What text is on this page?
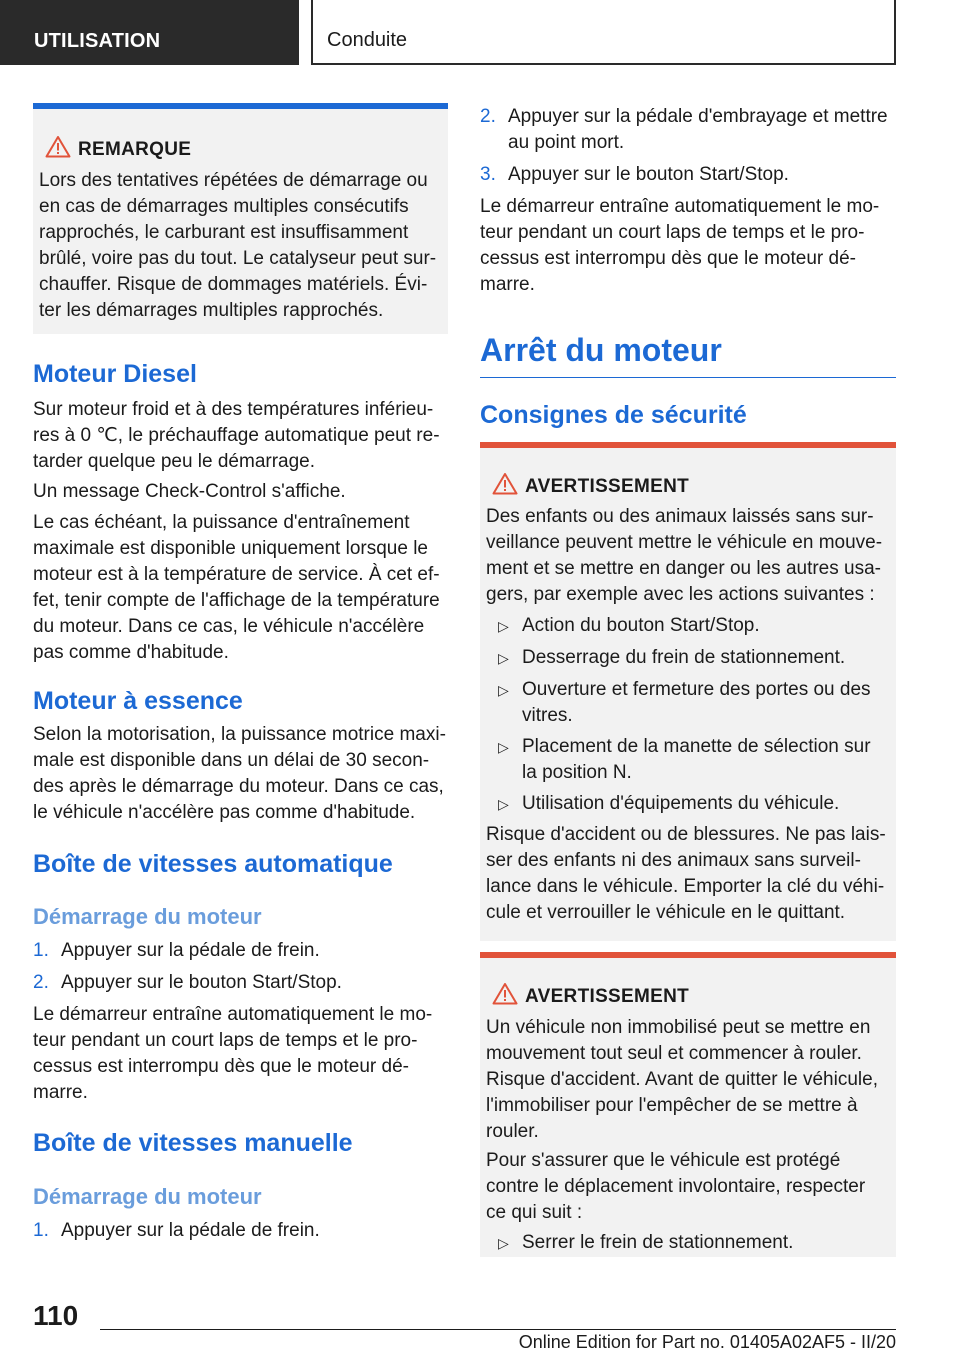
UTILISATION	Conduite
REMARQUE

Lors des tentatives répétées de démarrage ou

en cas de démarrages multiples consécutifs

rapprochés, le carburant est insuffisamment

brûlé, voire pas du tout. Le catalyseur peut sur-

chauffer. Risque de dommages matériels. Évi-

ter les démarrages multiples rapprochés.

Moteur Diesel

Sur moteur froid et à des températures inférieu-

res à 0 ℃, le préchauffage automatique peut re-

tarder quelque peu le démarrage.

Un message Check-Control s'affiche.

Le cas échéant, la puissance d'entraînement

maximale est disponible uniquement lorsque le

moteur est à la température de service. À cet ef-

fet, tenir compte de l'affichage de la température

du moteur. Dans ce cas, le véhicule n'accélère

pas comme d'habitude.

Moteur à essence

Selon la motorisation, la puissance motrice maxi-

male est disponible dans un délai de 30 secon-

des après le démarrage du moteur. Dans ce cas,

le véhicule n'accélère pas comme d'habitude.

Boîte de vitesses automatique
Démarrage du moteur
1. Appuyer sur la pédale de frein.
2. Appuyer sur le bouton Start/Stop.

Le démarreur entraîne automatiquement le mo-

teur pendant un court laps de temps et le pro-

cessus est interrompu dès que le moteur dé-

marre.

Boîte de vitesses manuelle
Démarrage du moteur
1. Appuyer sur la pédale de frein.
2. Appuyer sur la pédale d'embrayage et mettre
au point mort.
3. Appuyer sur le bouton Start/Stop.

Le démarreur entraîne automatiquement le mo-

teur pendant un court laps de temps et le pro-

cessus est interrompu dès que le moteur dé-

marre.

Arrêt du moteur
Consignes de sécurité
AVERTISSEMENT

Des enfants ou des animaux laissés sans sur-

veillance peuvent mettre le véhicule en mouve-

ment et se mettre en danger ou les autres usa-

gers, par exemple avec les actions suivantes :

▷ Action du bouton Start/Stop.
▷ Desserrage du frein de stationnement.
▷ Ouverture et fermeture des portes ou des
vitres.
▷ Placement de la manette de sélection sur
la position N.
▷ Utilisation d'équipements du véhicule.

Risque d'accident ou de blessures. Ne pas lais-

ser des enfants ni des animaux sans surveil-

lance dans le véhicule. Emporter la clé du véhi-

cule et verrouiller le véhicule en le quittant.

AVERTISSEMENT

Un véhicule non immobilisé peut se mettre en

mouvement tout seul et commencer à rouler.

Risque d'accident. Avant de quitter le véhicule,

l'immobiliser pour l'empêcher de se mettre à

rouler.

Pour s'assurer que le véhicule est protégé

contre le déplacement involontaire, respecter

ce qui suit :

▷ Serrer le frein de stationnement.
110
Online Edition for Part no. 01405A02AF5 - II/20
